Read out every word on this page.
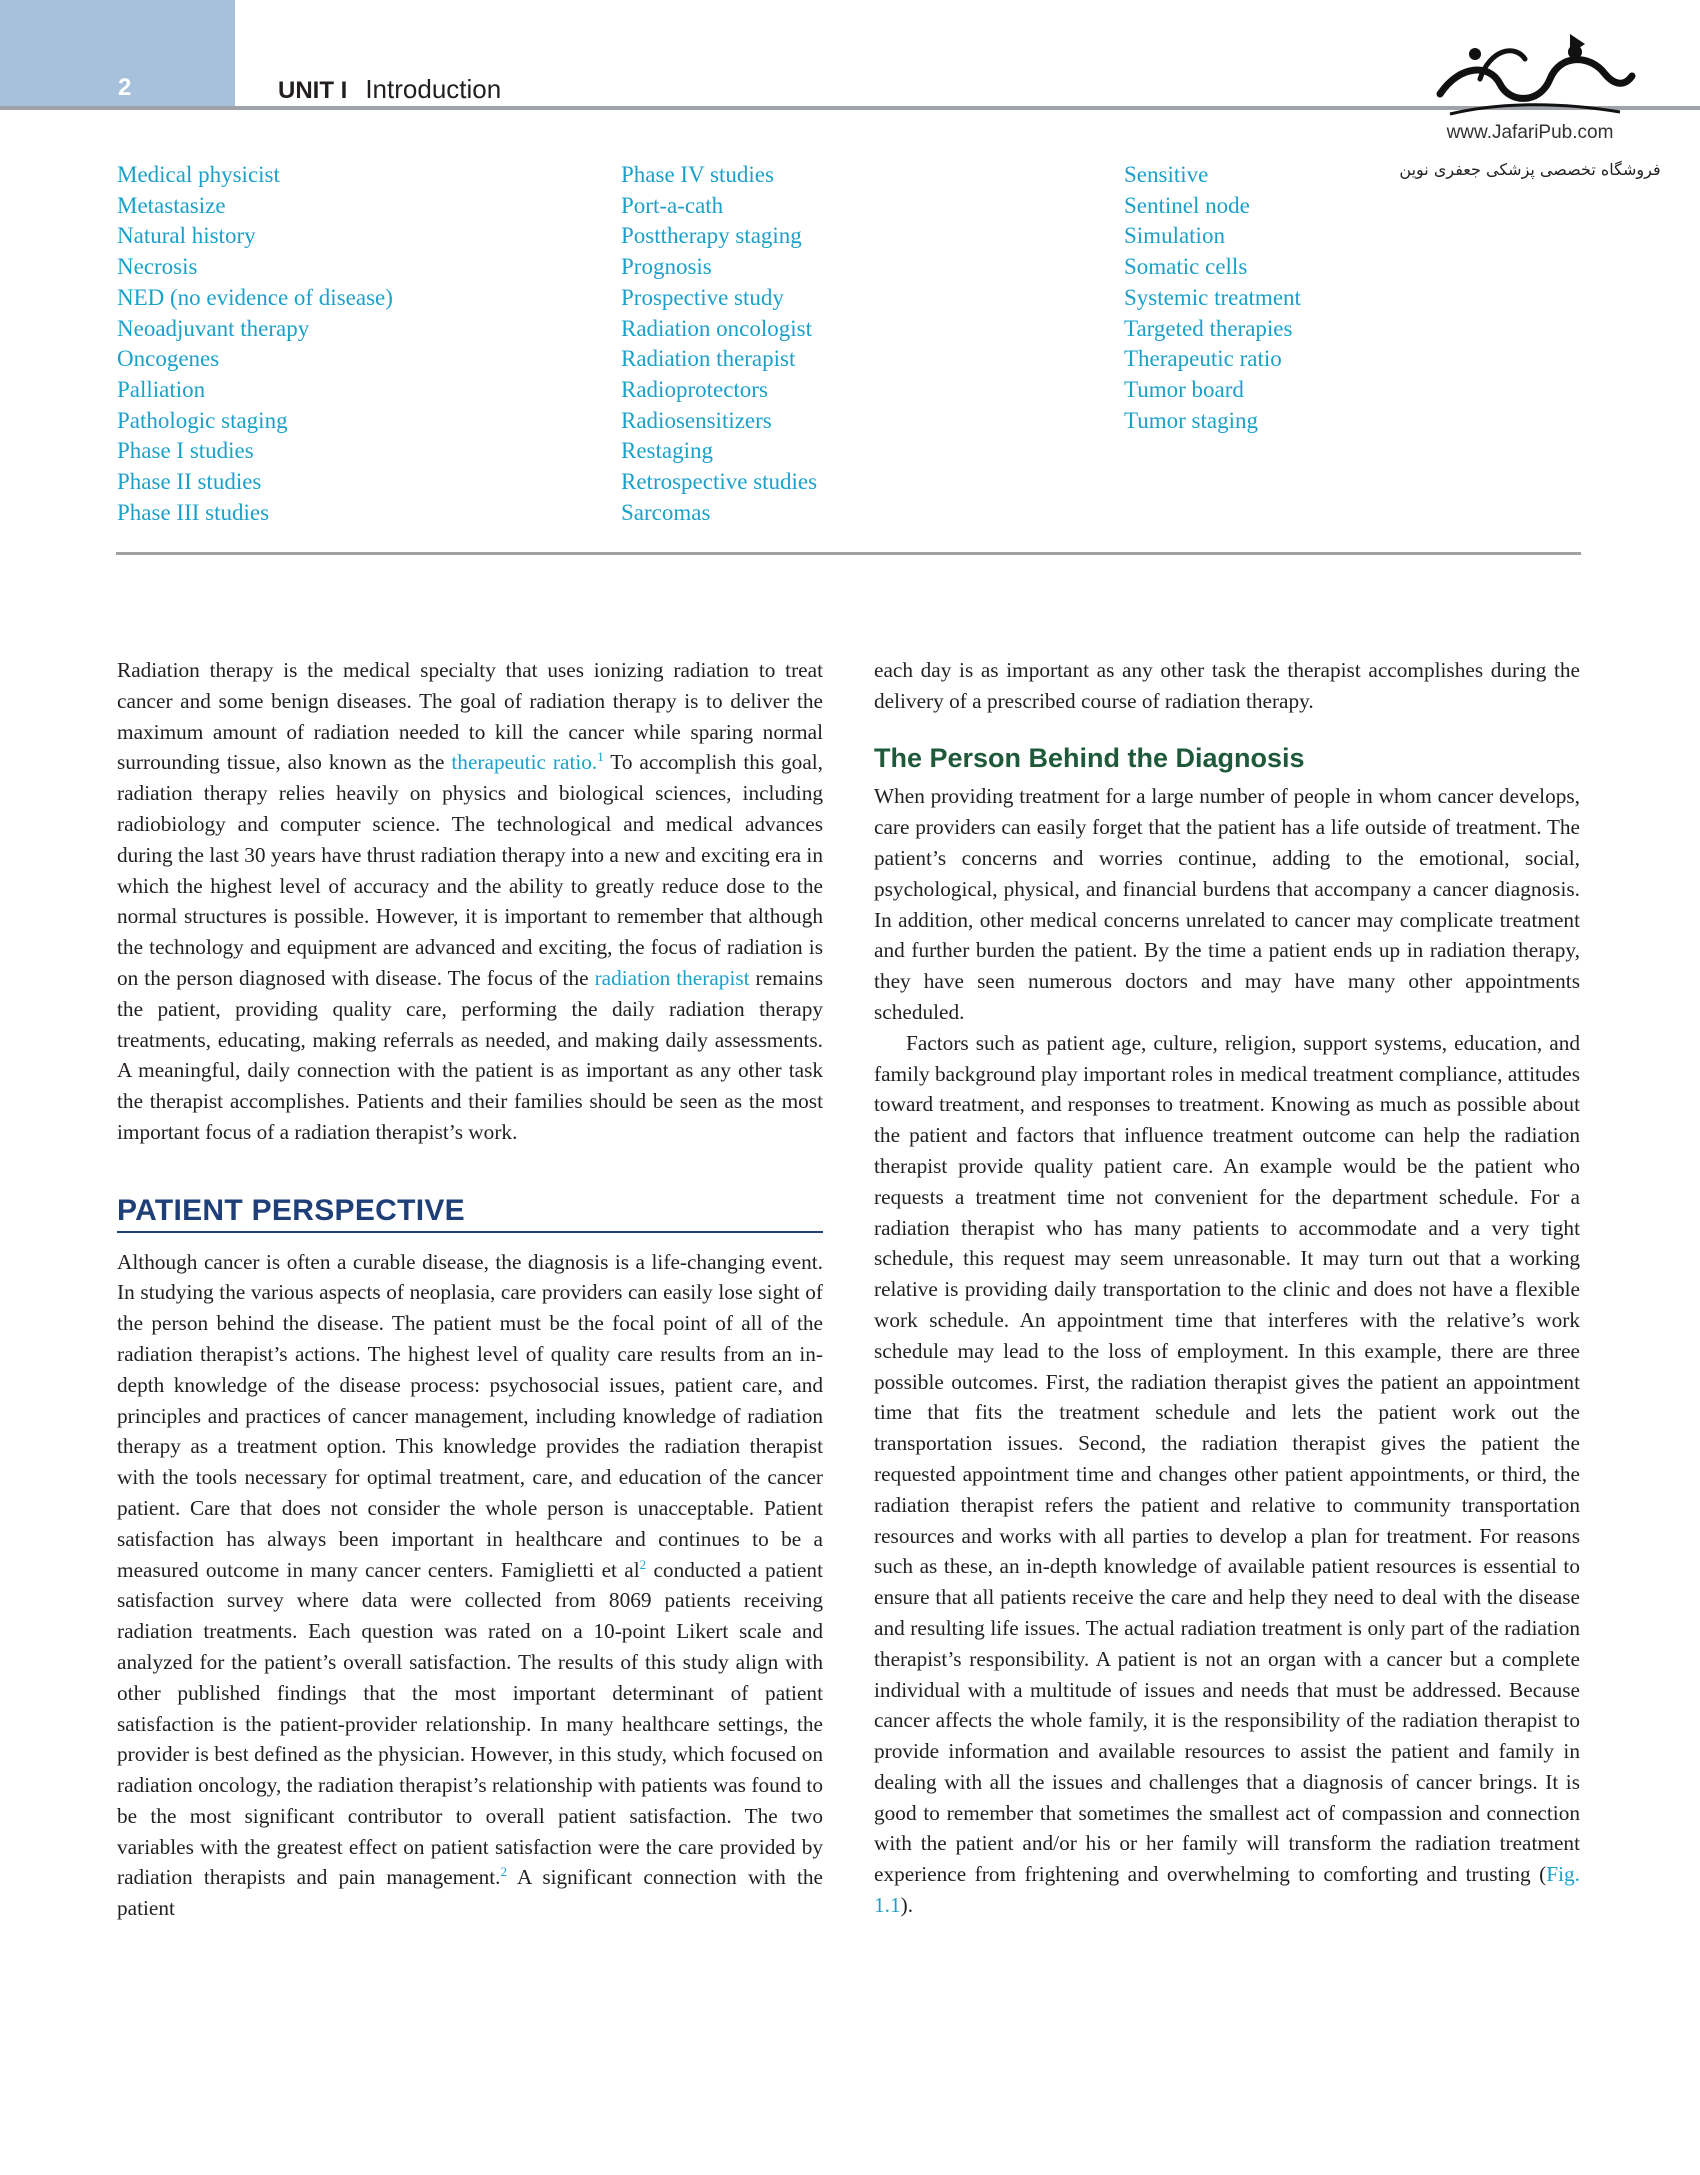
2	UNIT I Introduction
www.JafariPub.com
فروشگاه تخصصی پزشکی جعفری نوین
Medical physicist
Metastasize
Natural history
Necrosis
NED (no evidence of disease)
Neoadjuvant therapy
Oncogenes
Palliation
Pathologic staging
Phase I studies
Phase II studies
Phase III studies
Phase IV studies
Port-a-cath
Posttherapy staging
Prognosis
Prospective study
Radiation oncologist
Radiation therapist
Radioprotectors
Radiosensitizers
Restaging
Retrospective studies
Sarcomas
Sensitive
Sentinel node
Simulation
Somatic cells
Systemic treatment
Targeted therapies
Therapeutic ratio
Tumor board
Tumor staging

Radiation therapy is the medical specialty that uses ionizing radiation to treat cancer and some benign diseases. The goal of radiation therapy is to deliver the maximum amount of radiation needed to kill the cancer while sparing normal surrounding tissue, also known as the therapeutic ratio.$^1$ To accomplish this goal, radiation therapy relies heavily on physics and biological sciences, including radiobiology and computer science. The technological and medical advances during the last 30 years have thrust radiation therapy into a new and exciting era in which the highest level of accuracy and the ability to greatly reduce dose to the normal structures is possible. However, it is important to remember that although the technology and equipment are advanced and exciting, the focus of radiation is on the person diagnosed with disease. The focus of the radiation therapist remains the patient, providing quality care, performing the daily radiation therapy treatments, educating, making referrals as needed, and making daily assessments. A meaningful, daily connection with the patient is as important as any other task the therapist accomplishes. Patients and their families should be seen as the most important focus of a radiation therapist’s work.

PATIENT PERSPECTIVE

Although cancer is often a curable disease, the diagnosis is a life-changing event. In studying the various aspects of neoplasia, care providers can easily lose sight of the person behind the disease. The patient must be the focal point of all of the radiation therapist’s actions. The highest level of quality care results from an in-depth knowledge of the disease process: psychosocial issues, patient care, and principles and practices of cancer management, including knowledge of radiation therapy as a treatment option. This knowledge provides the radiation therapist with the tools necessary for optimal treatment, care, and education of the cancer patient. Care that does not consider the whole person is unacceptable. Patient satisfaction has always been important in healthcare and continues to be a measured outcome in many cancer centers. Famiglietti et $al^2$ conducted a patient satisfaction survey where data were collected from 8069 patients receiving radiation treatments. Each question was rated on a 10-point Likert scale and analyzed for the patient’s overall satisfaction. The results of this study align with other published findings that the most important determinant of patient satisfaction is the patient-provider relationship. In many healthcare settings, the provider is best defined as the physician. However, in this study, which focused on radiation oncology, the radiation therapist’s relationship with patients was found to be the most significant contributor to overall patient satisfaction. The two variables with the greatest effect on patient satisfaction were the care provided by radiation therapists and pain management.$^2$ A significant connection with the patient

each day is as important as any other task the therapist accomplishes during the delivery of a prescribed course of radiation therapy.

The Person Behind the Diagnosis

When providing treatment for a large number of people in whom cancer develops, care providers can easily forget that the patient has a life outside of treatment. The patient’s concerns and worries continue, adding to the emotional, social, psychological, physical, and financial burdens that accompany a cancer diagnosis. In addition, other medical concerns unrelated to cancer may complicate treatment and further burden the patient. By the time a patient ends up in radiation therapy, they have seen numerous doctors and may have many other appointments scheduled.

Factors such as patient age, culture, religion, support systems, education, and family background play important roles in medical treatment compliance, attitudes toward treatment, and responses to treatment. Knowing as much as possible about the patient and factors that influence treatment outcome can help the radiation therapist provide quality patient care. An example would be the patient who requests a treatment time not convenient for the department schedule. For a radiation therapist who has many patients to accommodate and a very tight schedule, this request may seem unreasonable. It may turn out that a working relative is providing daily transportation to the clinic and does not have a flexible work schedule. An appointment time that interferes with the relative’s work schedule may lead to the loss of employment. In this example, there are three possible outcomes. First, the radiation therapist gives the patient an appointment time that fits the treatment schedule and lets the patient work out the transportation issues. Second, the radiation therapist gives the patient the requested appointment time and changes other patient appointments, or third, the radiation therapist refers the patient and relative to community transportation resources and works with all parties to develop a plan for treatment. For reasons such as these, an in-depth knowledge of available patient resources is essential to ensure that all patients receive the care and help they need to deal with the disease and resulting life issues. The actual radiation treatment is only part of the radiation therapist’s responsibility. A patient is not an organ with a cancer but a complete individual with a multitude of issues and needs that must be addressed. Because cancer affects the whole family, it is the responsibility of the radiation therapist to provide information and available resources to assist the patient and family in dealing with all the issues and challenges that a diagnosis of cancer brings. It is good to remember that sometimes the smallest act of compassion and connection with the patient and/or his or her family will transform the radiation treatment experience from frightening and overwhelming to comforting and trusting (Fig. 1.1).
